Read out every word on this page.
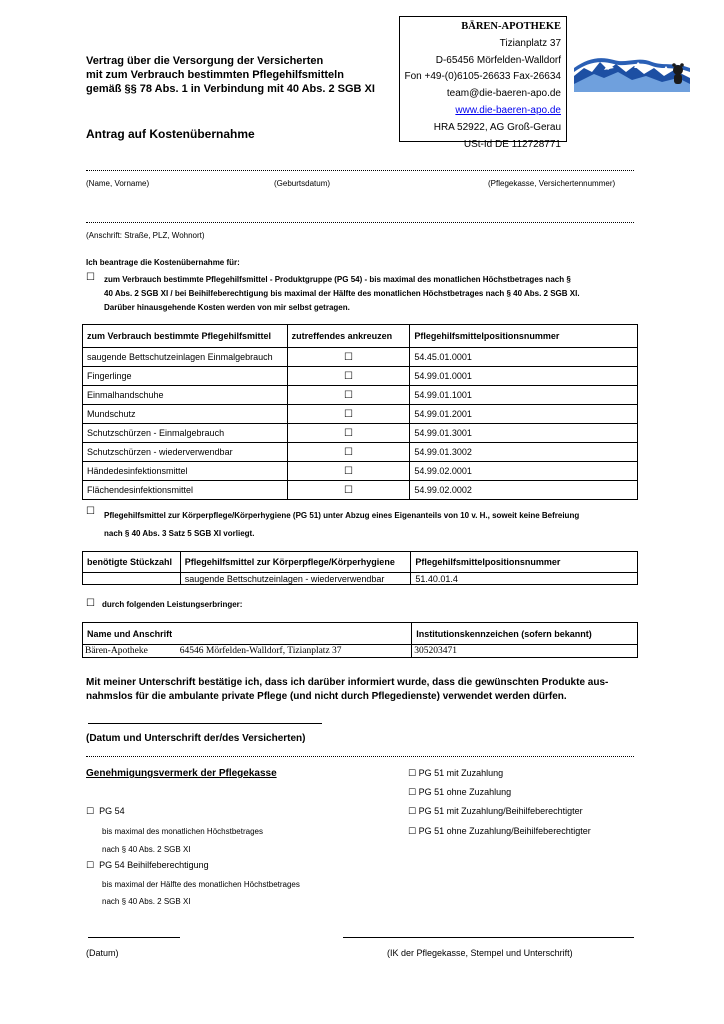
Vertrag über die Versorgung der Versicherten
mit zum Verbrauch bestimmten Pflegehilfsmitteln
gemäß §§ 78 Abs. 1 in Verbindung mit 40 Abs. 2 SGB XI
Antrag auf Kostenübernahme
BÄREN-APOTHEKE
Tizianplatz 37
D-65456 Mörfelden-Walldorf
Fon +49-(0)6105-26633 Fax-26634
team@die-baeren-apo.de
www.die-baeren-apo.de
HRA 52922, AG Groß-Gerau
USt-Id DE 112728771
(Name, Vorname)	(Geburtsdatum)	(Pflegekasse, Versichertennummer)
(Anschrift: Straße, PLZ, Wohnort)
Ich beantrage die Kostenübernahme für:
☐ zum Verbrauch bestimmte Pflegehilfsmittel - Produktgruppe (PG 54) - bis maximal des monatlichen Höchstbetrages nach §
40 Abs. 2 SGB XI / bei Beihilfeberechtigung bis maximal der Hälfte des monatlichen Höchstbetrages nach § 40 Abs. 2 SGB XI.
Darüber hinausgehende Kosten werden von mir selbst getragen.
zum Verbrauch bestimmte Pflegehilfsmittel	zutreffendes ankreuzen	Pflegehilfsmittelpositionsnummer
saugende Bettschutzeinlagen Einmalgebrauch	☐	54.45.01.0001
Fingerlinge	☐	54.99.01.0001
Einmalhandschuhe	☐	54.99.01.1001
Mundschutz	☐	54.99.01.2001
Schutzschürzen - Einmalgebrauch	☐	54.99.01.3001
Schutzschürzen - wiederverwendbar	☐	54.99.01.3002
Händedesinfektionsmittel	☐	54.99.02.0001
Flächendesinfektionsmittel	☐	54.99.02.0002
☐ Pflegehilfsmittel zur Körperpflege/Körperhygiene (PG 51) unter Abzug eines Eigenanteils von 10 v. H., soweit keine Befreiung
nach § 40 Abs. 3 Satz 5 SGB XI vorliegt.
benötigte Stückzahl	Pflegehilfsmittel zur Körperpflege/Körperhygiene	Pflegehilfsmittelpositionsnummer
	saugende Bettschutzeinlagen - wiederverwendbar	51.40.01.4
☐ durch folgenden Leistungserbringer:
Name und Anschrift	Institutionskennzeichen (sofern bekannt)
Bären-Apotheke 64546 Mörfelden-Walldorf, Tizianplatz 37	305203471
Mit meiner Unterschrift bestätige ich, dass ich darüber informiert wurde, dass die gewünschten Produkte aus-
nahmslos für die ambulante private Pflege (und nicht durch Pflegedienste) verwendet werden dürfen.
(Datum und Unterschrift der/des Versicherten)
Genehmigungsvermerk der Pflegekasse	☐ PG 51 mit Zuzahlung
☐ PG 51 ohne Zuzahlung
☐ PG 51 mit Zuzahlung/Beihilfeberechtigter
☐ PG 51 ohne Zuzahlung/Beihilfeberechtigter
☐ PG 54
bis maximal des monatlichen Höchstbetrages
nach § 40 Abs. 2 SGB XI
☐ PG 54 Beihilfeberechtigung
bis maximal der Hälfte des monatlichen Höchstbetrages
nach § 40 Abs. 2 SGB XI
(Datum)	(IK der Pflegekasse, Stempel und Unterschrift)
